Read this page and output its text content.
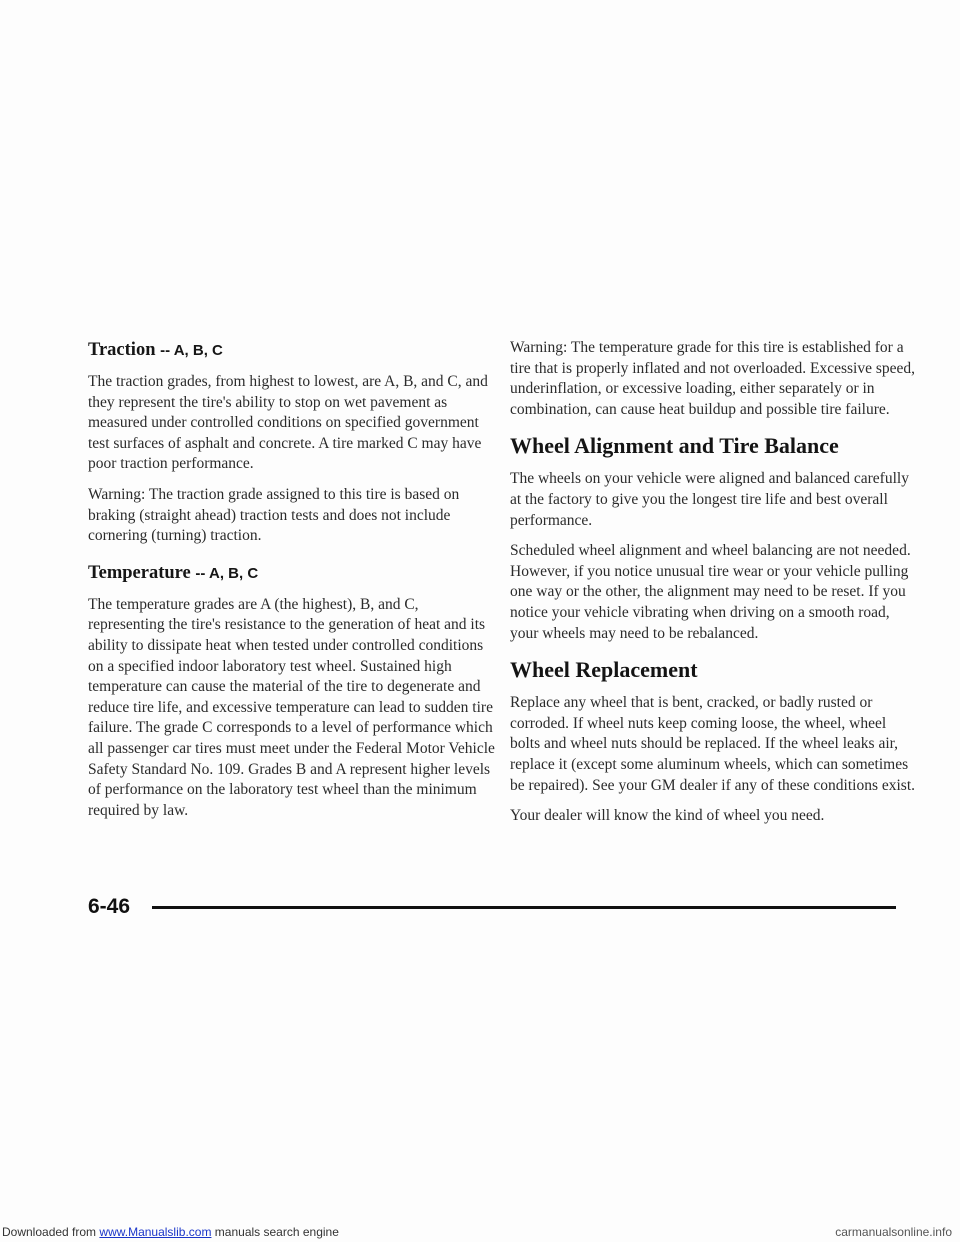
Traction -- A, B, C

The traction grades, from highest to lowest, are A, B, and C, and they represent the tire's ability to stop on wet pavement as measured under controlled conditions on specified government test surfaces of asphalt and concrete. A tire marked C may have poor traction performance.

Warning: The traction grade assigned to this tire is based on braking (straight ahead) traction tests and does not include cornering (turning) traction.

Temperature -- A, B, C

The temperature grades are A (the highest), B, and C, representing the tire's resistance to the generation of heat and its ability to dissipate heat when tested under controlled conditions on a specified indoor laboratory test wheel. Sustained high temperature can cause the material of the tire to degenerate and reduce tire life, and excessive temperature can lead to sudden tire failure. The grade C corresponds to a level of performance which all passenger car tires must meet under the Federal Motor Vehicle Safety Standard No. 109. Grades B and A represent higher levels of performance on the laboratory test wheel than the minimum required by law.

Warning: The temperature grade for this tire is established for a tire that is properly inflated and not overloaded. Excessive speed, underinflation, or excessive loading, either separately or in combination, can cause heat buildup and possible tire failure.

Wheel Alignment and Tire Balance

The wheels on your vehicle were aligned and balanced carefully at the factory to give you the longest tire life and best overall performance.

Scheduled wheel alignment and wheel balancing are not needed. However, if you notice unusual tire wear or your vehicle pulling one way or the other, the alignment may need to be reset. If you notice your vehicle vibrating when driving on a smooth road, your wheels may need to be rebalanced.

Wheel Replacement

Replace any wheel that is bent, cracked, or badly rusted or corroded. If wheel nuts keep coming loose, the wheel, wheel bolts and wheel nuts should be replaced. If the wheel leaks air, replace it (except some aluminum wheels, which can sometimes be repaired). See your GM dealer if any of these conditions exist.

Your dealer will know the kind of wheel you need.

6-46
Downloaded from www.Manualslib.com manuals search engine	carmanualsonline.info
